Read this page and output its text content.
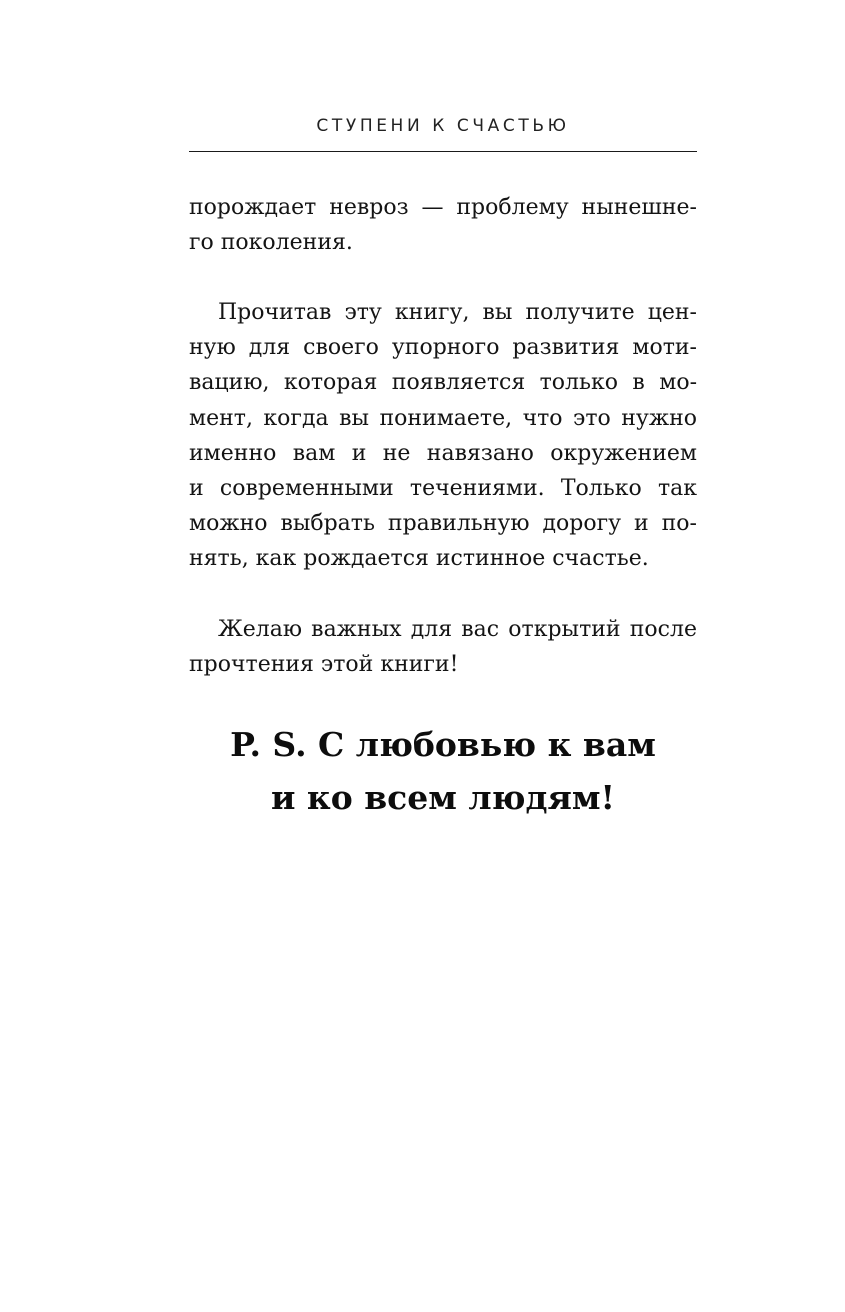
СТУПЕНИ К СЧАСТЬЮ
порождает невроз — проблему нынешне-
го поколения.
Прочитав эту книгу, вы получите цен-
ную для своего упорного развития моти-
вацию, которая появляется только в мо-
мент, когда вы понимаете, что это нужно
именно вам и не навязано окружением
и современными течениями. Только так
можно выбрать правильную дорогу и по-
нять, как рождается истинное счастье.
Желаю важных для вас открытий после
прочтения этой книги!
P. S. С любовью к вам
и ко всем людям!
